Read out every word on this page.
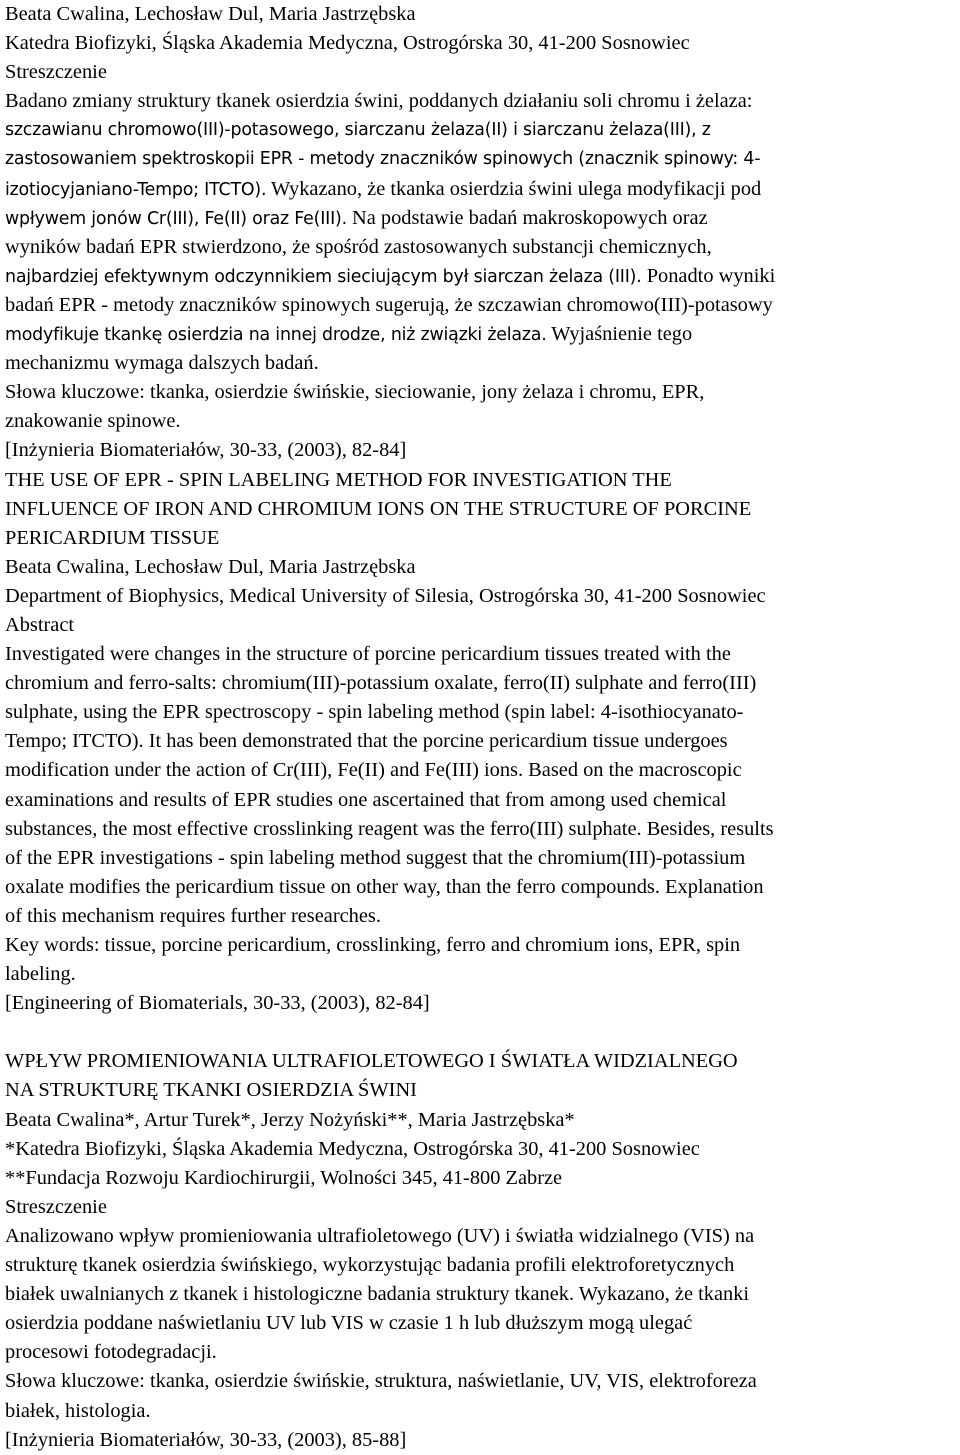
Beata Cwalina, Lechosław Dul, Maria Jastrzębska
Katedra Biofizyki, Śląska Akademia Medyczna, Ostrogórska 30, 41-200 Sosnowiec
Streszczenie
Badano zmiany struktury tkanek osierdzia świni, poddanych działaniu soli chromu i żelaza:
szczawianu chromowo(III)-potasowego, siarczanu żelaza(II) i siarczanu żelaza(III), z
zastosowaniem spektroskopii EPR - metody znaczników spinowych (znacznik spinowy: 4-
izotiocyjaniano-Tempo; ITCTO). Wykazano, że tkanka osierdzia świni ulega modyfikacji pod
wpływem jonów Cr(III), Fe(II) oraz Fe(III). Na podstawie badań makroskopowych oraz
wyników badań EPR stwierdzono, że spośród zastosowanych substancji chemicznych,
najbardziej efektywnym odczynnikiem sieciującym był siarczan żelaza (III). Ponadto wyniki
badań EPR - metody znaczników spinowych sugerują, że szczawian chromowo(III)-potasowy
modyfikuje tkankę osierdzia na innej drodze, niż związki żelaza. Wyjaśnienie tego
mechanizmu wymaga dalszych badań.
Słowa kluczowe: tkanka, osierdzie świńskie, sieciowanie, jony żelaza i chromu, EPR,
znakowanie spinowe.
[Inżynieria Biomateriałów, 30-33, (2003), 82-84]
THE USE OF EPR - SPIN LABELING METHOD FOR INVESTIGATION THE
INFLUENCE OF IRON AND CHROMIUM IONS ON THE STRUCTURE OF PORCINE
PERICARDIUM TISSUE
Beata Cwalina, Lechosław Dul, Maria Jastrzębska
Department of Biophysics, Medical University of Silesia, Ostrogórska 30, 41-200 Sosnowiec
Abstract
Investigated were changes in the structure of porcine pericardium tissues treated with the
chromium and ferro-salts: chromium(III)-potassium oxalate, ferro(II) sulphate and ferro(III)
sulphate, using the EPR spectroscopy - spin labeling method (spin label: 4-isothiocyanato-
Tempo; ITCTO). It has been demonstrated that the porcine pericardium tissue undergoes
modification under the action of Cr(III), Fe(II) and Fe(III) ions. Based on the macroscopic
examinations and results of EPR studies one ascertained that from among used chemical
substances, the most effective crosslinking reagent was the ferro(III) sulphate. Besides, results
of the EPR investigations - spin labeling method suggest that the chromium(III)-potassium
oxalate modifies the pericardium tissue on other way, than the ferro compounds. Explanation
of this mechanism requires further researches.
Key words: tissue, porcine pericardium, crosslinking, ferro and chromium ions, EPR, spin
labeling.
[Engineering of Biomaterials, 30-33, (2003), 82-84]
WPŁYW PROMIENIOWANIA ULTRAFIOLETOWEGO I ŚWIATŁA WIDZIALNEGO
NA STRUKTURĘ TKANKI OSIERDZIA ŚWINI
Beata Cwalina*, Artur Turek*, Jerzy Nożyński**, Maria Jastrzębska*
*Katedra Biofizyki, Śląska Akademia Medyczna, Ostrogórska 30, 41-200 Sosnowiec
**Fundacja Rozwoju Kardiochirurgii, Wolności 345, 41-800 Zabrze
Streszczenie
Analizowano wpływ promieniowania ultrafioletowego (UV) i światła widzialnego (VIS) na
strukturę tkanek osierdzia świńskiego, wykorzystując badania profili elektroforetycznych
białek uwalnianych z tkanek i histologiczne badania struktury tkanek. Wykazano, że tkanki
osierdzia poddane naświetlaniu UV lub VIS w czasie 1 h lub dłuższym mogą ulegać
procesowi fotodegradacji.
Słowa kluczowe: tkanka, osierdzie świńskie, struktura, naświetlanie, UV, VIS, elektroforeza
białek, histologia.
[Inżynieria Biomateriałów, 30-33, (2003), 85-88]
